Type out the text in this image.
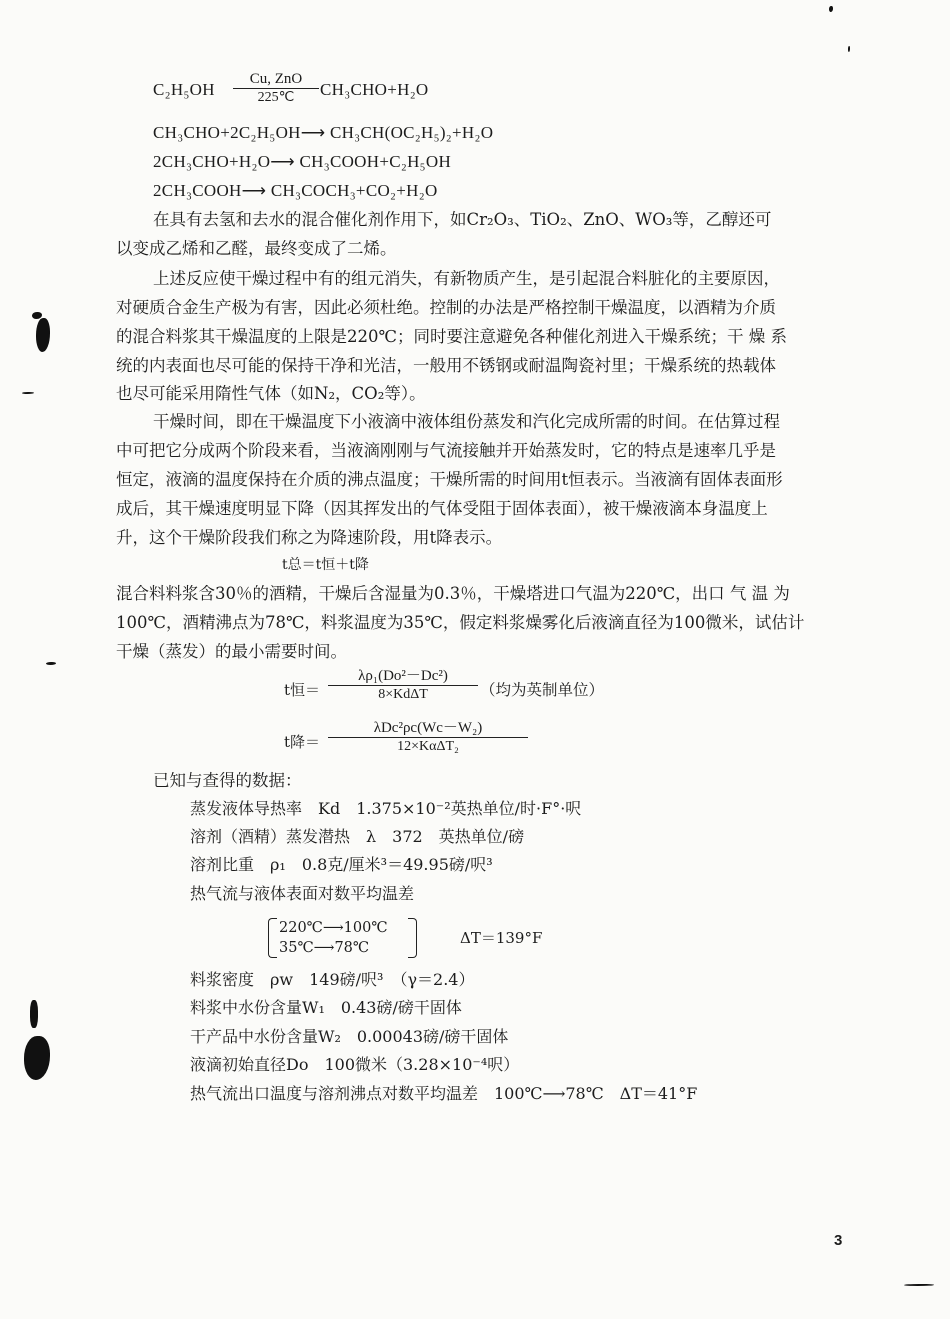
C₂H₅OH
Cu, ZnO
225℃	CH₃CHO+H₂O
CH₃CHO+2C₂H₅OH⟶ CH₃CH(OC₂H₅)₂+H₂O
2CH₃CHO+H₂O⟶ CH₃COOH+C₂H₅OH
2CH₃COOH⟶ CH₃COCH₃+CO₂+H₂O
在具有去氢和去水的混合催化剂作用下，如Cr₂O₃、TiO₂、ZnO、WO₃等，乙醇还可
以变成乙烯和乙醛，最终变成了二烯。
上述反应使干燥过程中有的组元消失，有新物质产生，是引起混合料脏化的主要原因，
对硬质合金生产极为有害，因此必须杜绝。控制的办法是严格控制干燥温度，以酒精为介质
的混合料浆其干燥温度的上限是220℃；同时要注意避免各种催化剂进入干燥系统；干 燥 系
统的内表面也尽可能的保持干净和光洁，一般用不锈钢或耐温陶瓷衬里；干燥系统的热载体
也尽可能采用隋性气体（如N₂，CO₂等）。
干燥时间，即在干燥温度下小液滴中液体组份蒸发和汽化完成所需的时间。在估算过程
中可把它分成两个阶段来看，当液滴刚刚与气流接触并开始蒸发时，它的特点是速率几乎是
恒定，液滴的温度保持在介质的沸点温度；干燥所需的时间用t恒表示。当液滴有固体表面形
成后，其干燥速度明显下降（因其挥发出的气体受阻于固体表面），被干燥液滴本身温度上
升，这个干燥阶段我们称之为降速阶段，用t降表示。
t总＝t恒＋t降
混合料料浆含30％的酒精，干燥后含湿量为0.3％，干燥塔进口气温为220℃，出口 气 温 为
100℃，酒精沸点为78℃，料浆温度为35℃，假定料浆燥雾化后液滴直径为100微米，试估计
干燥（蒸发）的最小需要时间。
t恒＝
λρ₁(Do²－Dc²)
8×KdΔT	（均为英制单位）
t降＝
λDc²ρc(Wc－W₂)
12×KαΔT₂
已知与查得的数据：
蒸发液体导热率　Kd　1.375×10⁻²英热单位/时·F°·呎
溶剂（酒精）蒸发潜热　λ　372　英热单位/磅
溶剂比重　ρ₁　0.8克/厘米³＝49.95磅/呎³
热气流与液体表面对数平均温差
220℃⟶100℃
35℃⟶78℃
ΔT＝139°F
料浆密度　ρw　149磅/呎³　（γ＝2.4）
料浆中水份含量W₁　0.43磅/磅干固体
干产品中水份含量W₂　0.00043磅/磅干固体
液滴初始直径Do　100微米（3.28×10⁻⁴呎）
热气流出口温度与溶剂沸点对数平均温差　100℃⟶78℃　ΔT＝41°F
3
